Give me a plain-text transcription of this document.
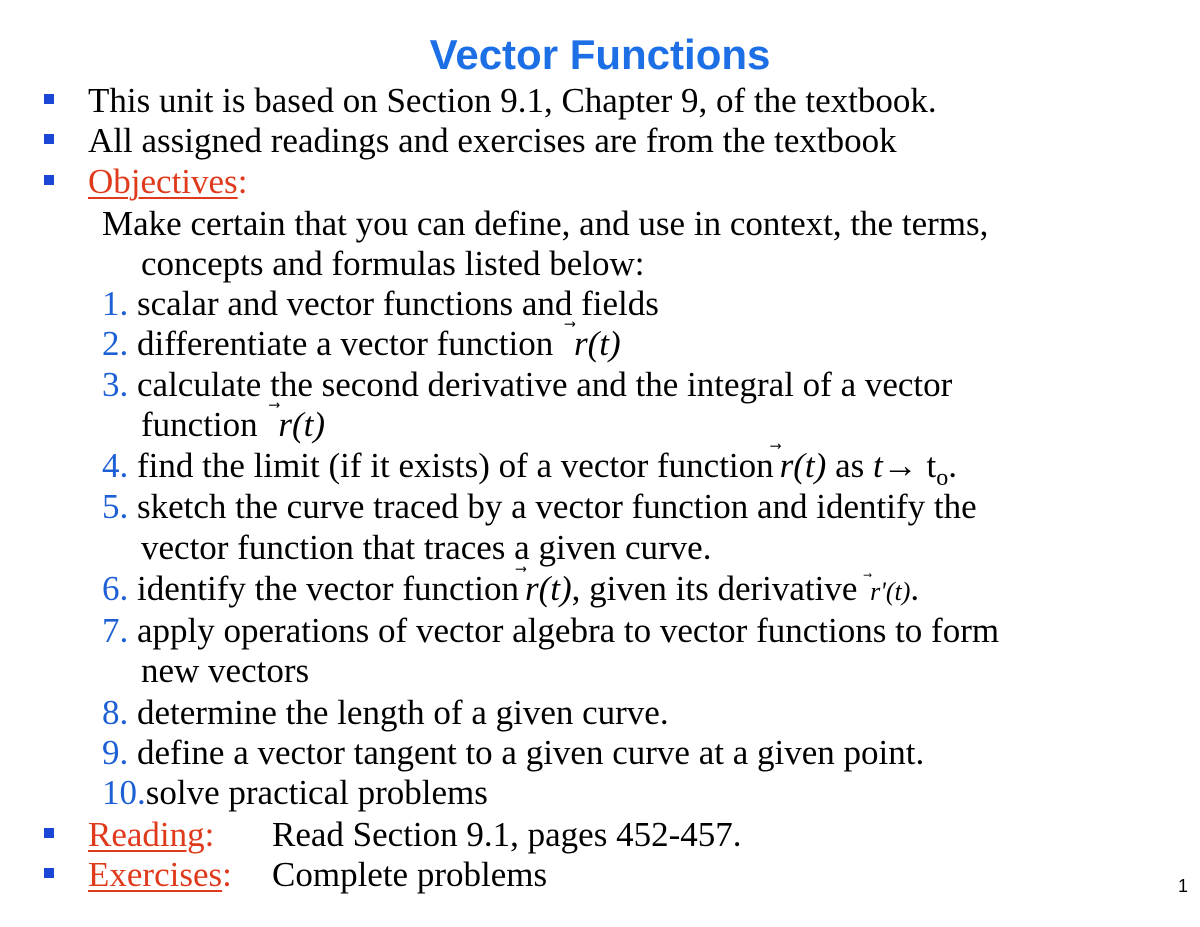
Vector Functions
This unit is based on Section 9.1, Chapter 9, of the textbook.
All assigned readings and exercises are from the textbook
Objectives:
Make certain that you can define, and use in context, the terms,
concepts and formulas listed below:
1. scalar and vector functions and fields
2. differentiate a vector function r(t)
3. calculate the second derivative and the integral of a vector
function r(t)
4. find the limit (if it exists) of a vector function r(t) as $t\to t_o$.
5. sketch the curve traced by a vector function and identify the
vector function that traces a given curve.
6. identify the vector function r(t), given its derivative r'(t).
7. apply operations of vector algebra to vector functions to form
new vectors
8. determine the length of a given curve.
9. define a vector tangent to a given curve at a given point.
10.solve practical problems
Reading: Read Section 9.1, pages 452-457.
Exercises: Complete problems	1
